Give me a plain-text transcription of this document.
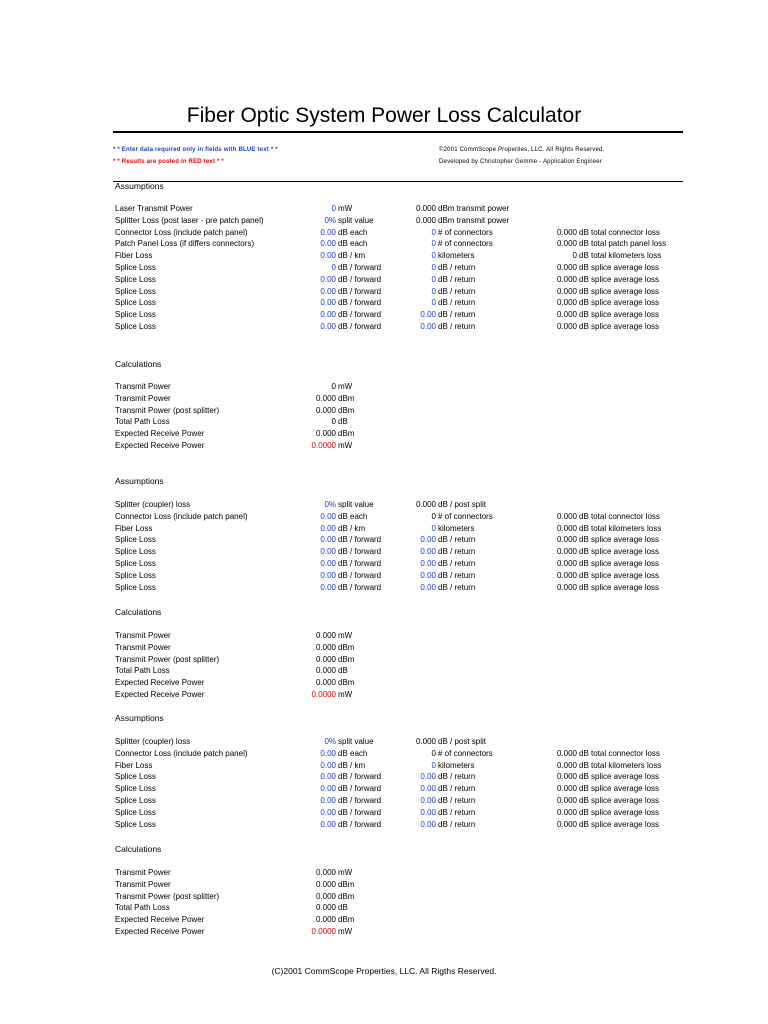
Fiber Optic System Power Loss Calculator
* * Enter data required only in fields with BLUE text * *
* * Results are posted in RED text * *
©2001 CommScope Properties, LLC. All Rights Reserved.
Developed by Christopher Gemme - Application Engineer
Assumptions
Laser Transmit Power	0 mW	0.000 dBm transmit power
Splitter Loss (post laser - pre patch panel)	0% split value	0.000 dBm transmit power
Connector Loss (include patch panel)	0.00 dB each	0 # of connectors	0.000 dB total connector loss
Patch Panel Loss (if differs connectors)	0.00 dB each	0 # of connectors	0.000 dB total patch panel loss
Fiber Loss	0.00 dB / km	0 kilometers	0 dB total kilometers loss
Splice Loss	0 dB / forward	0 dB / return	0.000 dB splice average loss
Splice Loss	0.00 dB / forward	0 dB / return	0.000 dB splice average loss
Splice Loss	0.00 dB / forward	0 dB / return	0.000 dB splice average loss
Splice Loss	0.00 dB / forward	0 dB / return	0.000 dB splice average loss
Splice Loss	0.00 dB / forward	0.00 dB / return	0.000 dB splice average loss
Splice Loss	0.00 dB / forward	0.00 dB / return	0.000 dB splice average loss
Calculations
Transmit Power	0 mW
Transmit Power	0.000 dBm
Transmit Power (post splitter)	0.000 dBm
Total Path Loss	0 dB
Expected Receive Power	0.000 dBm
Expected Receive Power	0.0000 mW
Assumptions
Splitter (coupler) loss	0% split value	0.000 dB / post split
Connector Loss (include patch panel)	0.00 dB each	0 # of connectors	0.000 dB total connector loss
Fiber Loss	0.00 dB / km	0 kilometers	0.000 dB total kilometers loss
Splice Loss	0.00 dB / forward	0.00 dB / return	0.000 dB splice average loss
Splice Loss	0.00 dB / forward	0.00 dB / return	0.000 dB splice average loss
Splice Loss	0.00 dB / forward	0.00 dB / return	0.000 dB splice average loss
Splice Loss	0.00 dB / forward	0.00 dB / return	0.000 dB splice average loss
Splice Loss	0.00 dB / forward	0.00 dB / return	0.000 dB splice average loss
Calculations
Transmit Power	0.000 mW
Transmit Power	0.000 dBm
Transmit Power (post splitter)	0.000 dBm
Total Path Loss	0.000 dB
Expected Receive Power	0.000 dBm
Expected Receive Power	0.0000 mW
Assumptions
Splitter (coupler) loss	0% split value	0.000 dB / post split
Connector Loss (include patch panel)	0.00 dB each	0 # of connectors	0.000 dB total connector loss
Fiber Loss	0.00 dB / km	0 kilometers	0.000 dB total kilometers loss
Splice Loss	0.00 dB / forward	0.00 dB / return	0.000 dB splice average loss
Splice Loss	0.00 dB / forward	0.00 dB / return	0.000 dB splice average loss
Splice Loss	0.00 dB / forward	0.00 dB / return	0.000 dB splice average loss
Splice Loss	0.00 dB / forward	0.00 dB / return	0.000 dB splice average loss
Splice Loss	0.00 dB / forward	0.00 dB / return	0.000 dB splice average loss
Calculations
Transmit Power	0.000 mW
Transmit Power	0.000 dBm
Transmit Power (post splitter)	0.000 dBm
Total Path Loss	0.000 dB
Expected Receive Power	0.000 dBm
Expected Receive Power	0.0000 mW
(C)2001 CommScope Properties, LLC. All Rigths Reserved.
